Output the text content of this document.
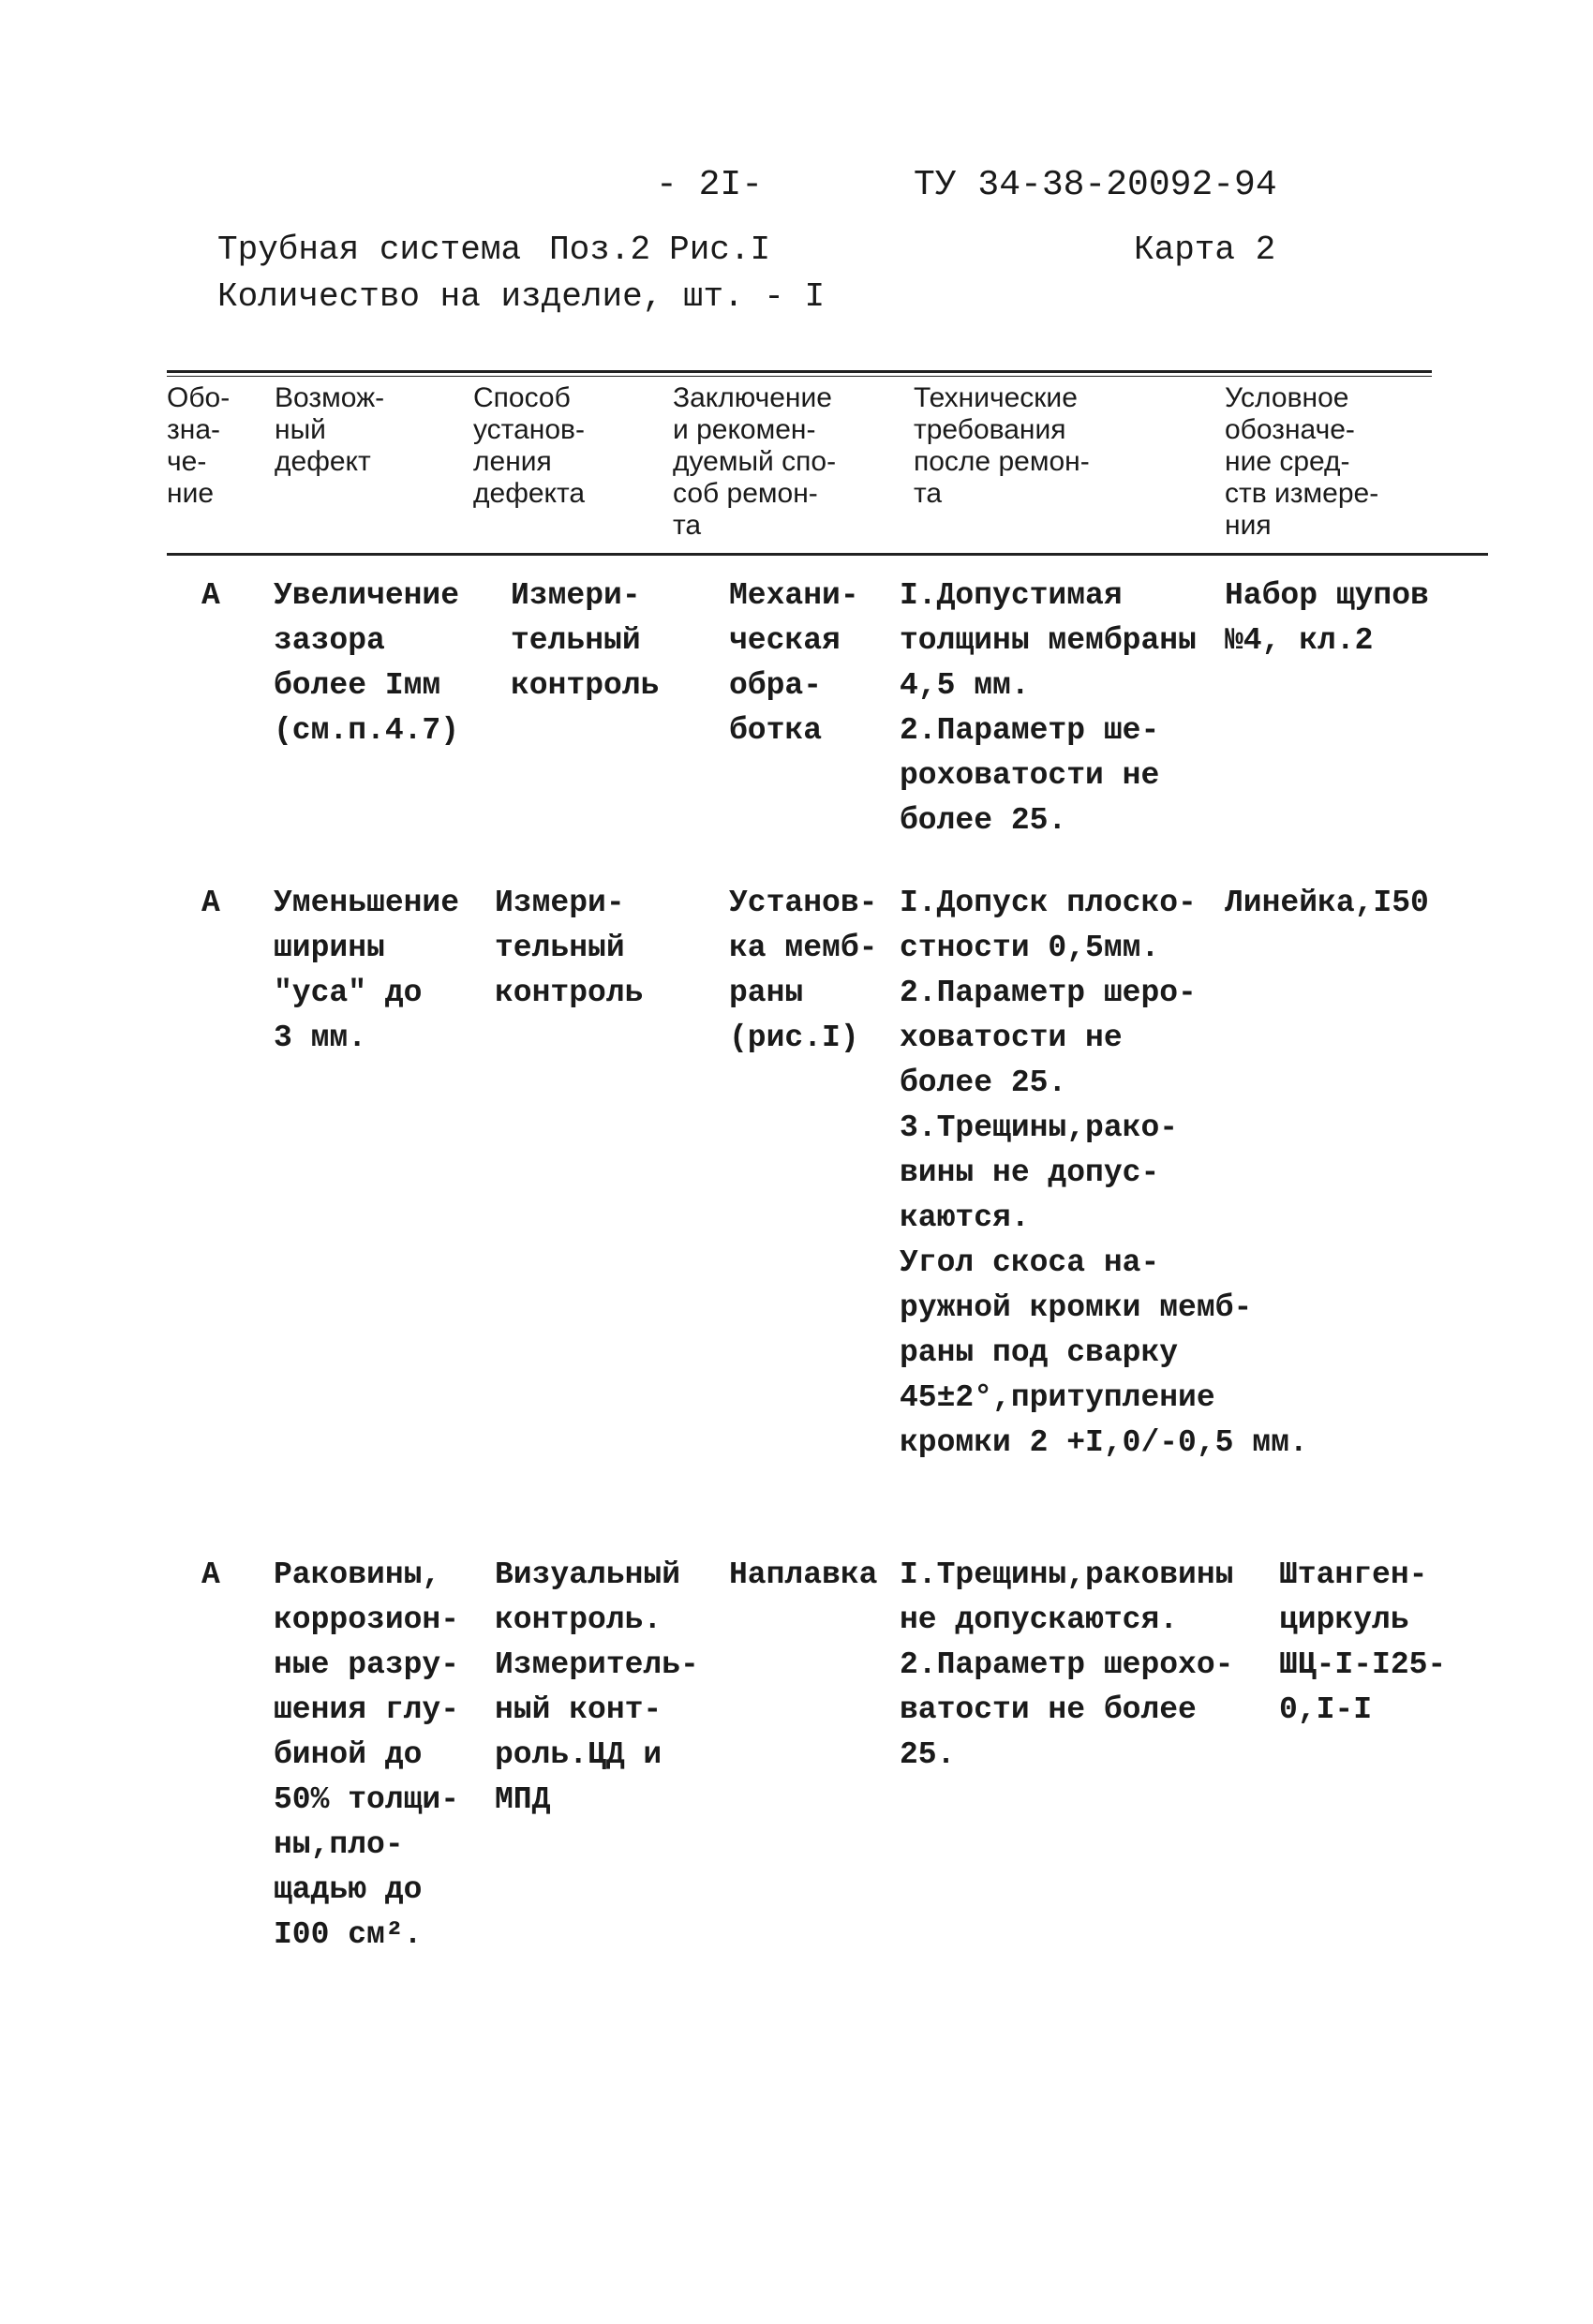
- 2I-	ТУ 34-38-20092-94
Трубная система Поз.2 Рис.I	Карта 2
Количество на изделие, шт. - I
Обо-
зна-
че-
ние
Возмож-
ный
дефект
Способ
установ-
ления
дефекта
Заключение
и рекомен-
дуемый спо-
соб ремон-
та
Технические
требования
после ремон-
та
Условное
обозначе-
ние сред-
ств измере-
ния
А Увеличение
зазора
более Iмм
(см.п.4.7)
Измери-
тельный
контроль
Механи-
ческая
обра-
ботка
I.Допустимая
толщины мембраны
4,5 мм.
2.Параметр ше-
роховатости не
более 25.
Набор щупов
№4, кл.2
А Уменьшение
ширины
"уса" до
3 мм.
Измери-
тельный
контроль
Установ-
ка мемб-
раны
(рис.I)
I.Допуск плоско-
стности 0,5мм.
2.Параметр шеро-
ховатости не
более 25.
3.Трещины,рако-
вины не допус-
каются.
Угол скоса на-
ружной кромки мемб-
раны под сварку
45±2°,притупление
кромки 2 +I,0/-0,5 мм.
Линейка,I50
А Раковины,
коррозион-
ные разру-
шения глу-
биной до
50% толщи-
ны,пло-
щадью до
I00 см².
Визуальный
контроль.
Измеритель-
ный конт-
роль.ЦД и
МПД
Наплавка I.Трещины,раковины
не допускаются.
2.Параметр шерохо-
ватости не более
25.
Штанген-
циркуль
ШЦ-I-I25-
0,I-I
